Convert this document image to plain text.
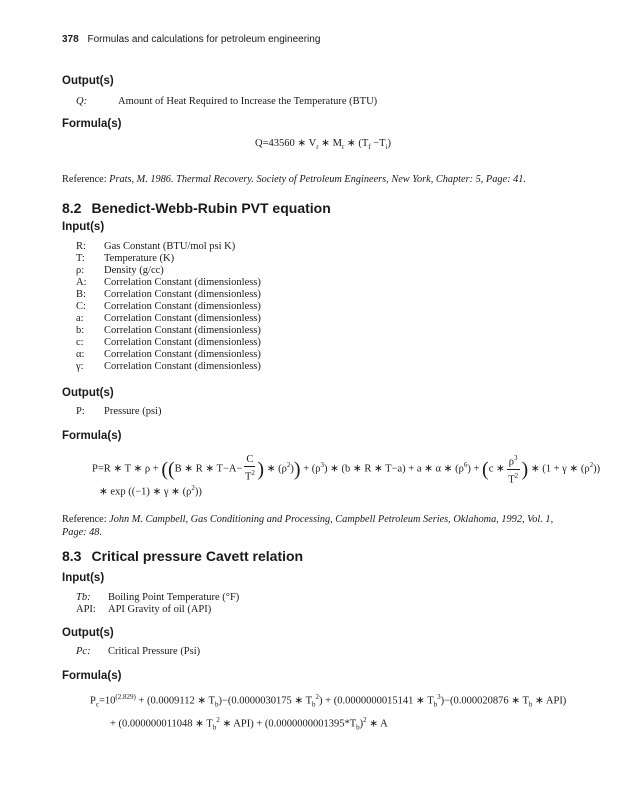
378 Formulas and calculations for petroleum engineering
Output(s)
Q:	Amount of Heat Required to Increase the Temperature (BTU)
Formula(s)
Q=43560 ∗ $V_r$ ∗ $M_r$ ∗ $(T_f -T_i)$
Reference: Prats, M. 1986. Thermal Recovery. Society of Petroleum Engineers, New York, Chapter: 5, Page: 41.
8.2 Benedict-Webb-Rubin PVT equation
Input(s)
R: Gas Constant (BTU/mol psi K)
T: Temperature (K)
ρ: Density (g/cc)
A: Correlation Constant (dimensionless)
B: Correlation Constant (dimensionless)
C: Correlation Constant (dimensionless)
a: Correlation Constant (dimensionless)
b: Correlation Constant (dimensionless)
c: Correlation Constant (dimensionless)
α: Correlation Constant (dimensionless)
γ: Correlation Constant (dimensionless)
Output(s)
P: Pressure (psi)
Formula(s)
P=R ∗ T ∗ ρ + ((B ∗ R ∗ $T-A- \frac{C}{T^2}$ ) ∗ $(\rho^2)) + (\rho^3)$ ∗ (b ∗ R ∗ T−a) + a ∗ α ∗ $(\rho^6) + (c$ ∗ $\frac{\rho^3}{T^2}$ ) ∗ (1 + γ ∗ $(\rho^2)$)
∗ exp ((−1) ∗ γ ∗ $(\rho^2)$)
Reference: John M. Campbell, Gas Conditioning and Processing, Campbell Petroleum Series, Oklahoma, 1992, Vol. 1, Page: 48.
8.3 Critical pressure Cavett relation
Input(s)
Tb: Boiling Point Temperature (°F)
API: API Gravity of oil (API)
Output(s)
Pc: Critical Pressure (Psi)
Formula(s)
$P_c=10^{(2.829)} + (0.0009112$ ∗ $T_b)-(0.0000030175$ ∗ $T_b^2) + (0.0000000015141$ ∗ $T_b^3)-(0.000020876$ ∗ $T_b$ ∗ API)
+ (0.000000011048 ∗ $T_b^2$ ∗ $API) + (0.0000000001395*T_b)^2$ ∗ A
